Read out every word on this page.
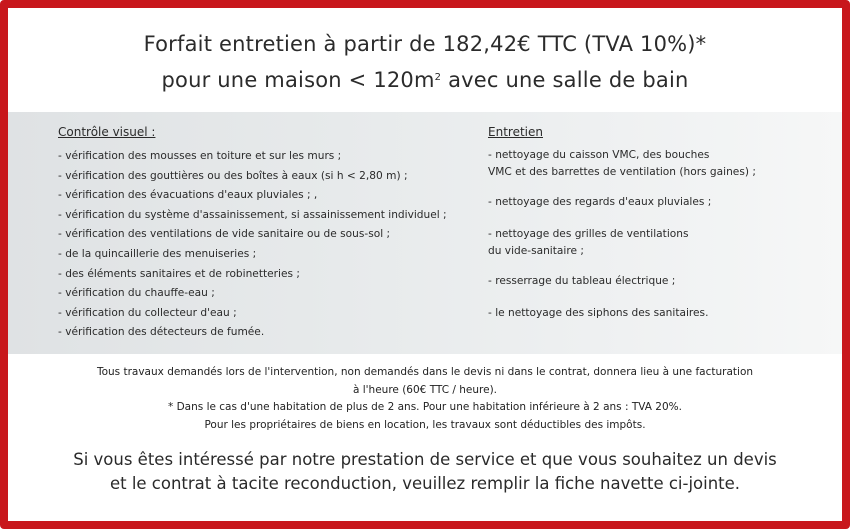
Forfait entretien à partir de 182,42€ TTC (TVA 10%)*
pour une maison < $120m^2$ avec une salle de bain
Contrôle visuel :
- vérification des mousses en toiture et sur les murs ;
- vérification des gouttières ou des boîtes à eaux (si h < 2,80 m) ;
- vérification des évacuations d'eaux pluviales ; ,
- vérification du système d'assainissement, si assainissement individuel ;
- vérification des ventilations de vide sanitaire ou de sous-sol ;
- de la quincaillerie des menuiseries ;
- des éléments sanitaires et de robinetteries ;
- vérification du chauffe-eau ;
- vérification du collecteur d'eau ;
- vérification des détecteurs de fumée.
Entretien
- nettoyage du caisson VMC, des bouches
VMC et des barrettes de ventilation (hors gaines) ;
- nettoyage des regards d'eaux pluviales ;
- nettoyage des grilles de ventilations
du vide-sanitaire ;
- resserrage du tableau électrique ;
- le nettoyage des siphons des sanitaires.
Tous travaux demandés lors de l'intervention, non demandés dans le devis ni dans le contrat, donnera lieu à une facturation
à l'heure (60€ TTC / heure).
* Dans le cas d'une habitation de plus de 2 ans. Pour une habitation inférieure à 2 ans : TVA 20%.
Pour les propriétaires de biens en location, les travaux sont déductibles des impôts.
Si vous êtes intéressé par notre prestation de service et que vous souhaitez un devis
et le contrat à tacite reconduction, veuillez remplir la fiche navette ci-jointe.
